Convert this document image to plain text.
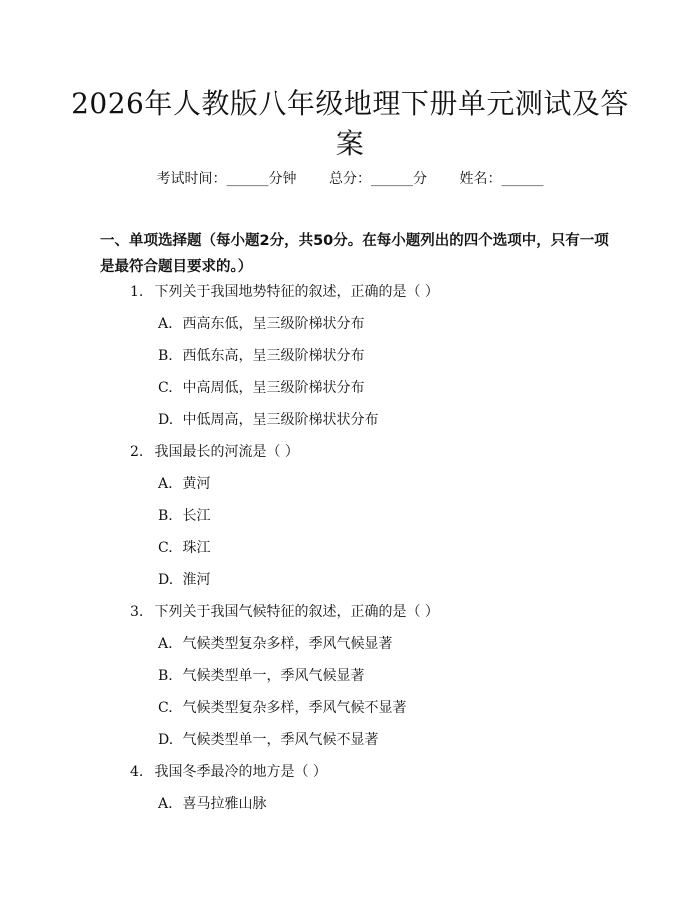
2026年人教版八年级地理下册单元测试及答案
考试时间：______分钟 总分：______分 姓名：______
一、单项选择题（每小题2分，共50分。在每小题列出的四个选项中，只有一项是最符合题目要求的。）
1. 下列关于我国地势特征的叙述，正确的是（ ）
A. 西高东低，呈三级阶梯状分布
B. 西低东高，呈三级阶梯状分布
C. 中高周低，呈三级阶梯状分布
D. 中低周高，呈三级阶梯状状分布
2. 我国最长的河流是（ ）
A. 黄河
B. 长江
C. 珠江
D. 淮河
3. 下列关于我国气候特征的叙述，正确的是（ ）
A. 气候类型复杂多样，季风气候显著
B. 气候类型单一，季风气候显著
C. 气候类型复杂多样，季风气候不显著
D. 气候类型单一，季风气候不显著
4. 我国冬季最冷的地方是（ ）
A. 喜马拉雅山脉
